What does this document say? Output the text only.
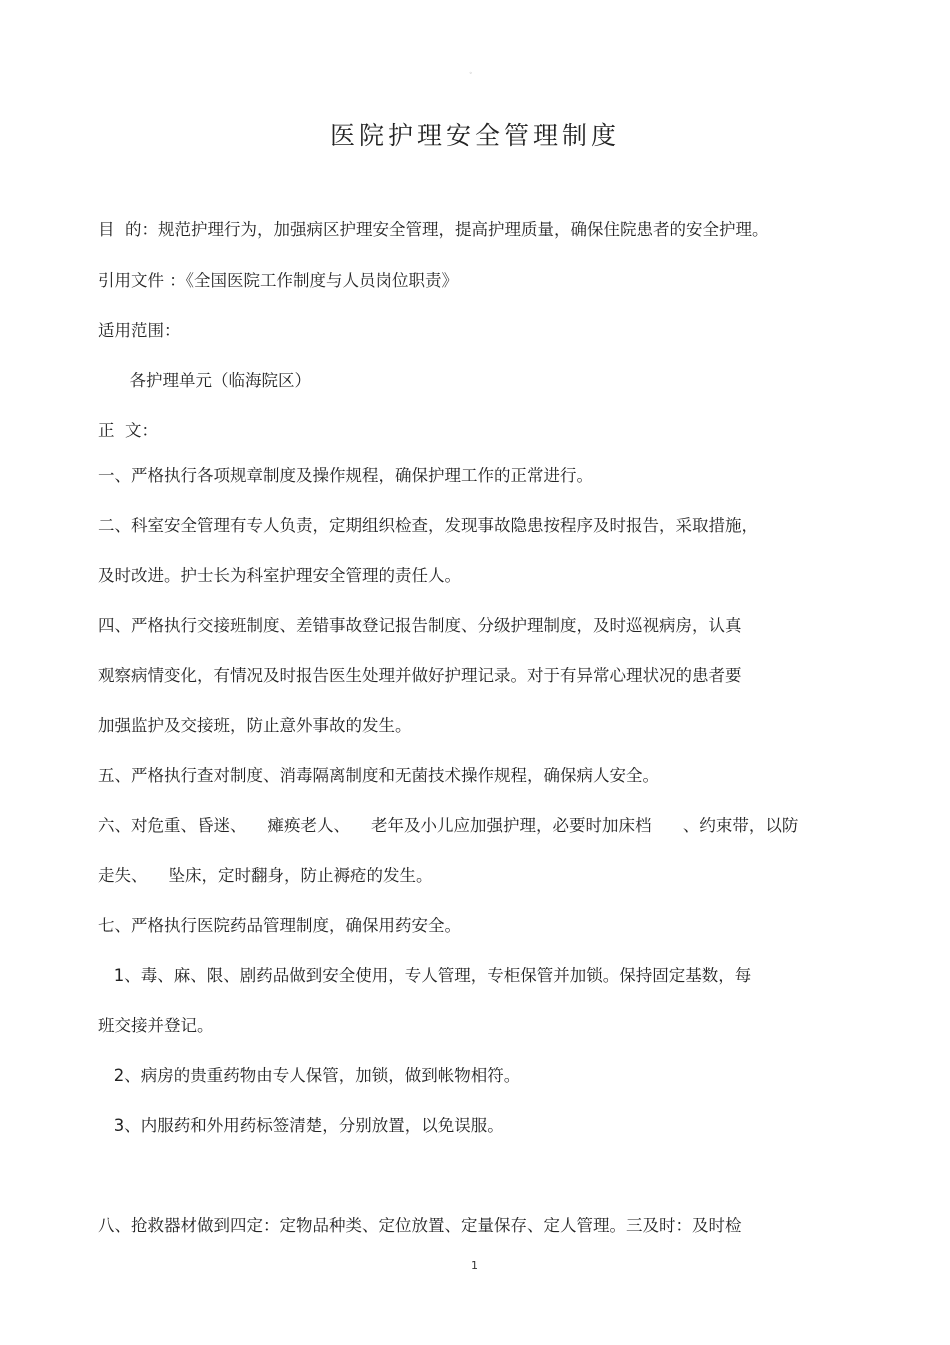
◦
医院护理安全管理制度
目  的：规范护理行为，加强病区护理安全管理，提高护理质量，确保住院患者的安全护理。
引用文件 ：《全国医院工作制度与人员岗位职责》
适用范围：
各护理单元（临海院区）
正  文：
一、严格执行各项规章制度及操作规程，确保护理工作的正常进行。
二、科室安全管理有专人负责，定期组织检查，发现事故隐患按程序及时报告，采取措施，
及时改进。护士长为科室护理安全管理的责任人。
四、严格执行交接班制度、差错事故登记报告制度、分级护理制度，及时巡视病房，认真
观察病情变化，有情况及时报告医生处理并做好护理记录。对于有异常心理状况的患者要
加强监护及交接班，防止意外事故的发生。
五、严格执行查对制度、消毒隔离制度和无菌技术操作规程，确保病人安全。
六、对危重、昏迷、    瘫痪老人、    老年及小儿应加强护理，必要时加床档      、约束带，以防
走失、    坠床，定时翻身，防止褥疮的发生。
七、严格执行医院药品管理制度，确保用药安全。
1、毒、麻、限、剧药品做到安全使用，专人管理，专柜保管并加锁。保持固定基数，每
班交接并登记。
2、病房的贵重药物由专人保管，加锁，做到帐物相符。
3、内服药和外用药标签清楚，分别放置，以免误服。
八、抢救器材做到四定：定物品种类、定位放置、定量保存、定人管理。三及时：及时检
1
